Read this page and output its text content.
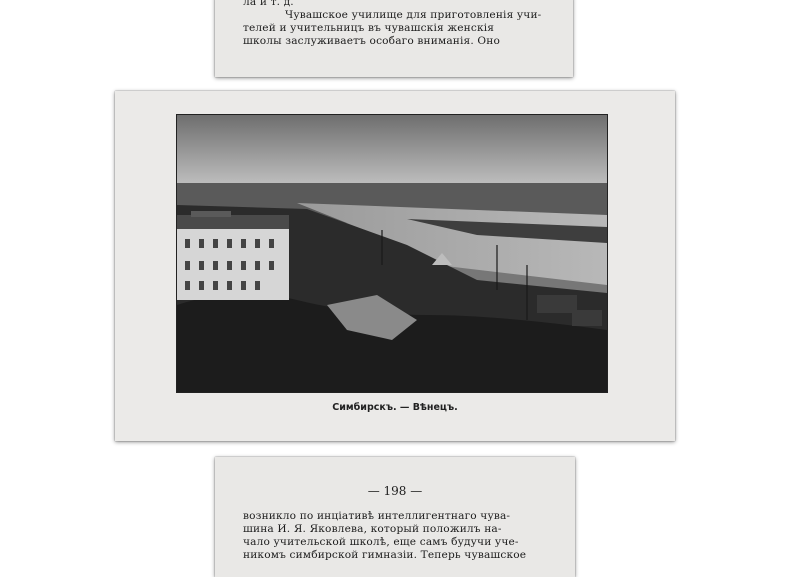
ла и т. д.
Чувашское училище для приготовленія учи-
телей и учительницъ въ чувашскія женскія
школы заслуживаетъ особаго вниманія. Оно
Симбирскъ. — Вѣнецъ.
— 198 —
возникло по инціативѣ интеллигентнаго чува-
шина И. Я. Яковлева, который положилъ на-
чало учительской школѣ, еще самъ будучи уче-
никомъ симбирской гимназіи. Теперь чувашское
